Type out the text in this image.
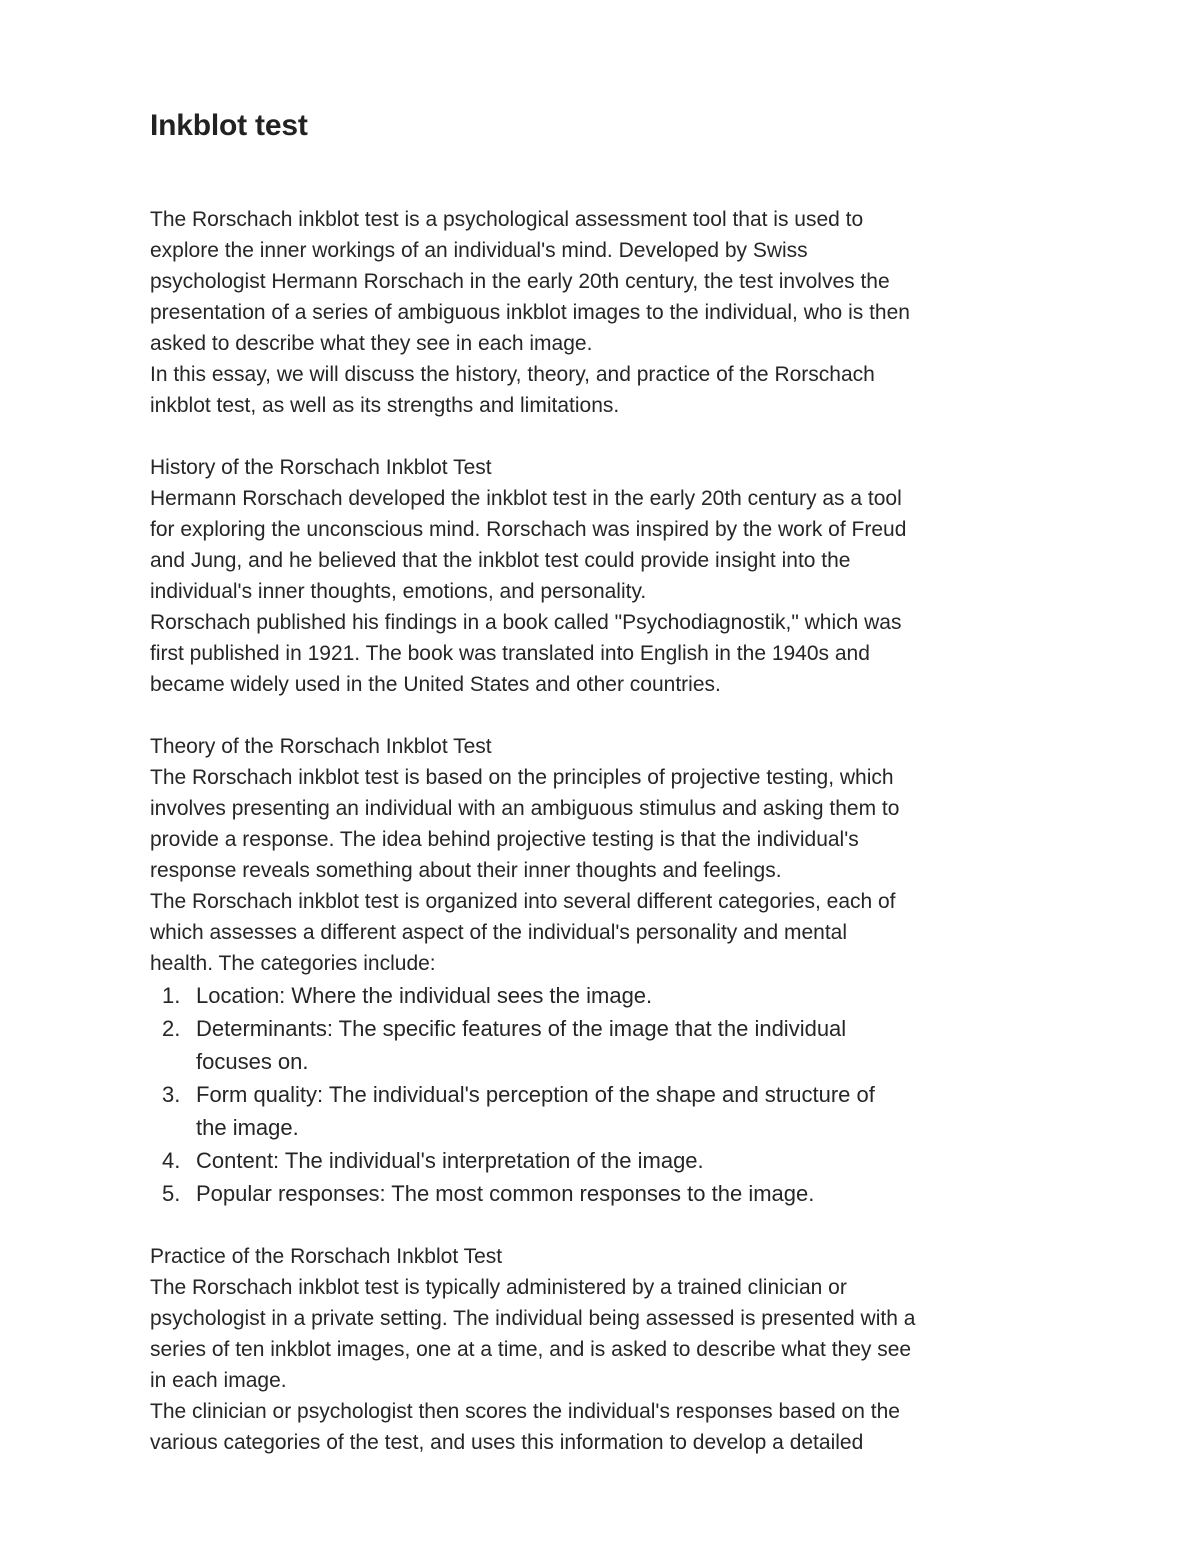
Inkblot test
The Rorschach inkblot test is a psychological assessment tool that is used to
explore the inner workings of an individual's mind. Developed by Swiss
psychologist Hermann Rorschach in the early 20th century, the test involves the
presentation of a series of ambiguous inkblot images to the individual, who is then
asked to describe what they see in each image.
In this essay, we will discuss the history, theory, and practice of the Rorschach
inkblot test, as well as its strengths and limitations.
History of the Rorschach Inkblot Test
Hermann Rorschach developed the inkblot test in the early 20th century as a tool
for exploring the unconscious mind. Rorschach was inspired by the work of Freud
and Jung, and he believed that the inkblot test could provide insight into the
individual's inner thoughts, emotions, and personality.
Rorschach published his findings in a book called "Psychodiagnostik," which was
first published in 1921. The book was translated into English in the 1940s and
became widely used in the United States and other countries.
Theory of the Rorschach Inkblot Test
The Rorschach inkblot test is based on the principles of projective testing, which
involves presenting an individual with an ambiguous stimulus and asking them to
provide a response. The idea behind projective testing is that the individual's
response reveals something about their inner thoughts and feelings.
The Rorschach inkblot test is organized into several different categories, each of
which assesses a different aspect of the individual's personality and mental
health. The categories include:
1. Location: Where the individual sees the image.
2. Determinants: The specific features of the image that the individual
focuses on.
3. Form quality: The individual's perception of the shape and structure of
the image.
4. Content: The individual's interpretation of the image.
5. Popular responses: The most common responses to the image.
Practice of the Rorschach Inkblot Test
The Rorschach inkblot test is typically administered by a trained clinician or
psychologist in a private setting. The individual being assessed is presented with a
series of ten inkblot images, one at a time, and is asked to describe what they see
in each image.
The clinician or psychologist then scores the individual's responses based on the
various categories of the test, and uses this information to develop a detailed
